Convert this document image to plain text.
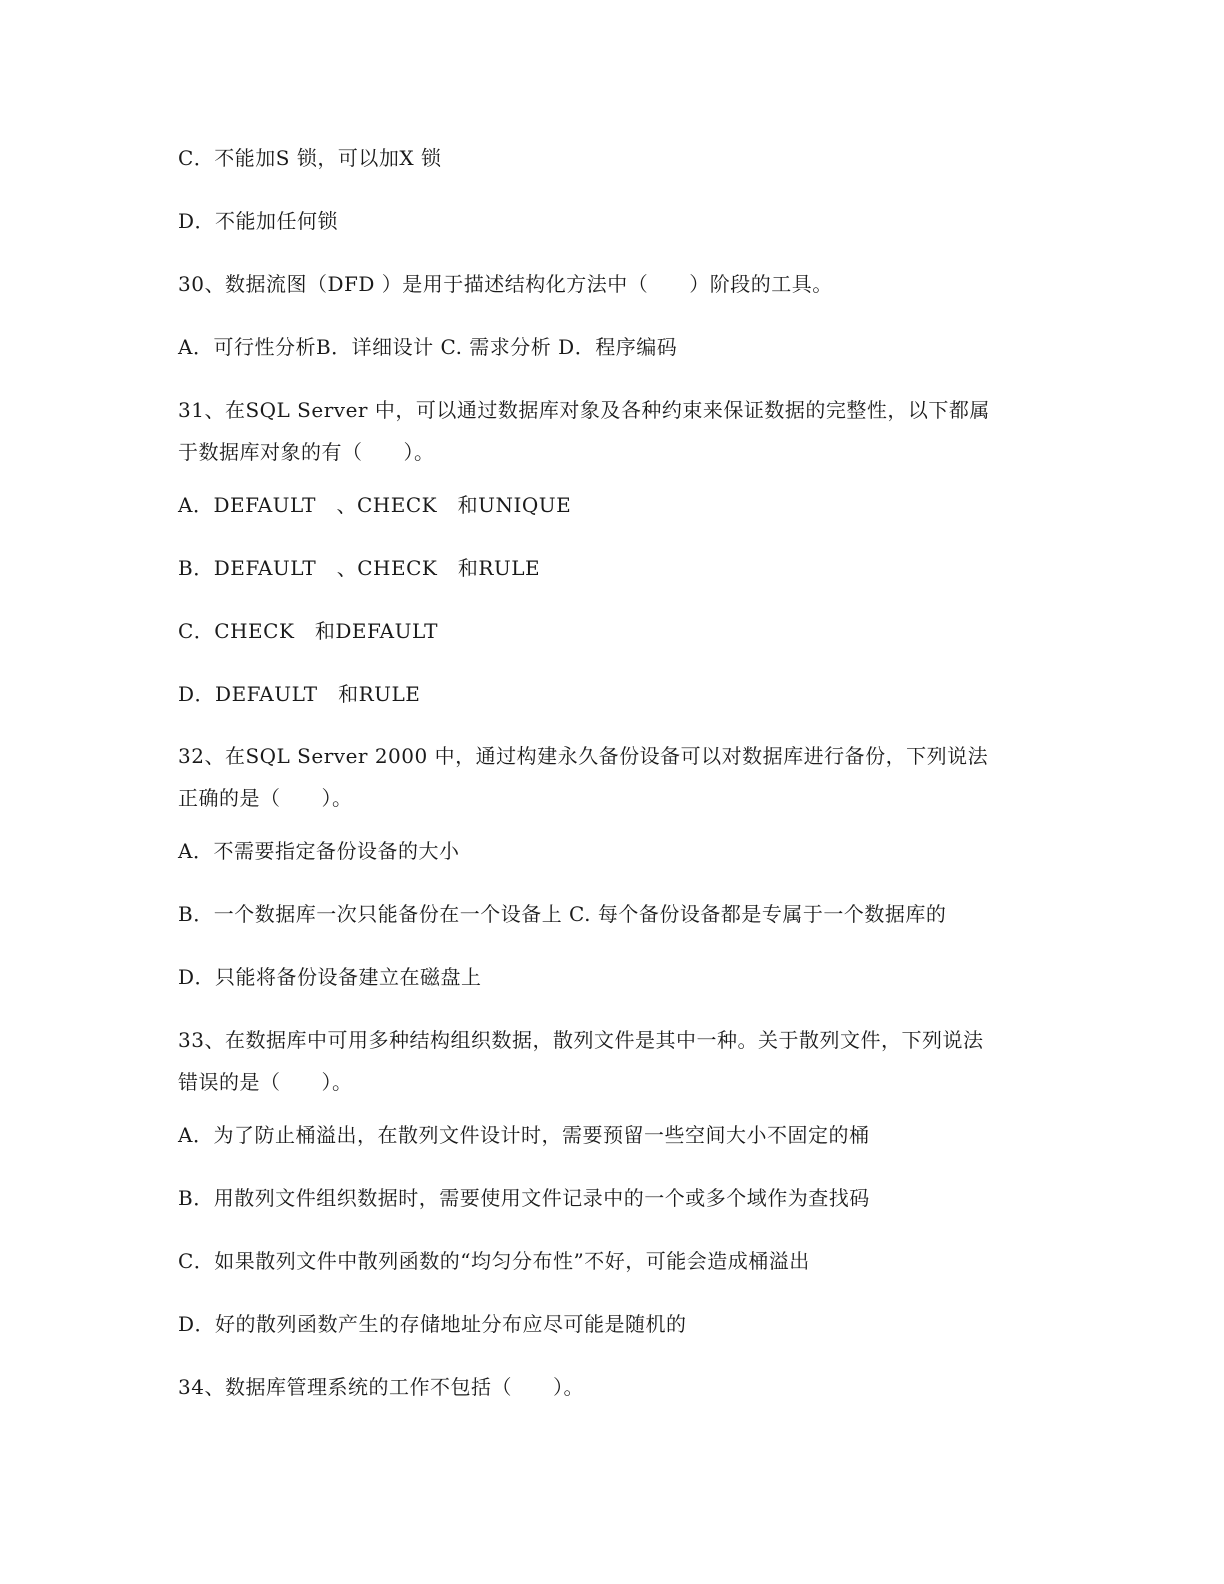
C．不能加S 锁，可以加X 锁
D．不能加任何锁
30、数据流图（DFD ）是用于描述结构化方法中（　　）阶段的工具。
A．可行性分析B．详细设计 C. 需求分析 D．程序编码
31、在SQL Server 中，可以通过数据库对象及各种约束来保证数据的完整性，以下都属
于数据库对象的有（　　）。
A．DEFAULT　、CHECK　和UNIQUE
B．DEFAULT　、CHECK　和RULE
C．CHECK　和DEFAULT
D．DEFAULT　和RULE
32、在SQL Server 2000 中，通过构建永久备份设备可以对数据库进行备份，下列说法
正确的是（　　）。
A．不需要指定备份设备的大小
B．一个数据库一次只能备份在一个设备上 C. 每个备份设备都是专属于一个数据库的
D．只能将备份设备建立在磁盘上
33、在数据库中可用多种结构组织数据，散列文件是其中一种。关于散列文件，下列说法
错误的是（　　）。
A．为了防止桶溢出，在散列文件设计时，需要预留一些空间大小不固定的桶
B．用散列文件组织数据时，需要使用文件记录中的一个或多个域作为查找码
C．如果散列文件中散列函数的“均匀分布性”不好，可能会造成桶溢出
D．好的散列函数产生的存储地址分布应尽可能是随机的
34、数据库管理系统的工作不包括（　　）。
